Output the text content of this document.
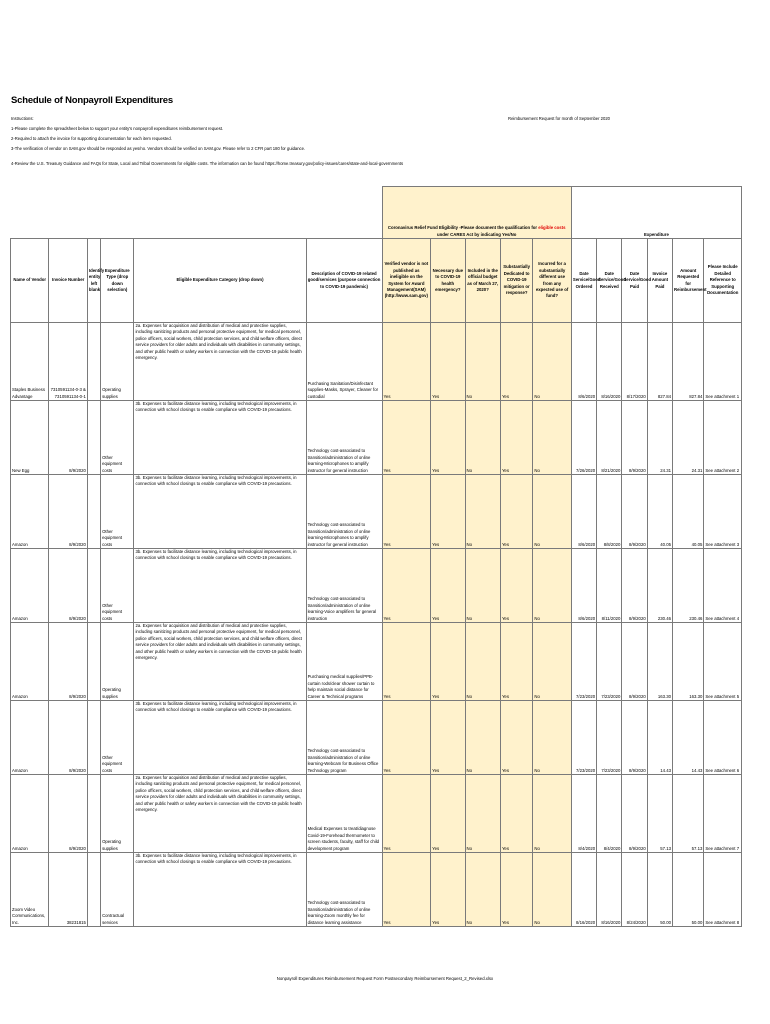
Schedule of Nonpayroll Expenditures
Instructions:	Reimbursement Request for month of September 2020
1-Please complete the spreadsheet below to support your entity's nonpayroll expenditures reimbursement request.
2-Required to attach the invoice for supporting documentation for each item requested.
3-The verification of vendor on SAM.gov should be responded as yes/no. Vendors should be verified on SAM.gov. Please refer to 2 CFR part 180 for guidance.
4-Review the U.S. Treasury Guidance and FAQs for State, Local and Tribal Governments for eligible costs. The information can be found https://home.treasury.gov/policy-issues/cares/state-and-local-governments
						Coronavirus Relief Fund Eligibility -Please document the qualification for eligible costs under CARES Act by indicating Yes/No					Expenditure					
Name of Vendor	Invoice Number	Identify entity left blank	Expenditure Type (drop down selection)	Eligible Expenditure Category (drop down)	Description of COVID-19 related good/services (purpose connection to COVID-19 pandemic)	Verified vendor is not published as ineligible on the System for Award Management(SAM) (http://www.sam.gov)	Necessary due to COVID-19 health emergency?	Included in the official budget as of March 27, 2020?	Substantially Dedicated to COVID-19 mitigation or response?	Incurred for a substantially different use from any expected use of fund?	Date Service/Good Ordered	Date Service/Good Received	Date Service/Good Paid	Invoice Amount Paid	Amount Requested for Reimbursement	Please Include Detailed Reference to Supporting Documentation
Staples Business Advantage	7310591134-0-3 & 7310591134-0-1		Operating supplies	2a. Expenses for acquisition and distribution of medical and protective supplies, including sanitizing products and personal protective equipment, for medical personnel, police officers, social workers, child protection services, and child welfare officers, direct service providers for older adults and individuals with disabilities in community settings, and other public health or safety workers in connection with the COVID-19 public health emergency.	Purchasing Sanitation/Disinfectant supplies-Masks, Sprayer, Cleaner for custodial	Yes	Yes	No	Yes	No	8/6/2020	8/16/2020	8/17/2020	827.84	827.84	See attachment 1
New Egg	8/9/2020		Other equipment costs	3b. Expenses to facilitate distance learning, including technological improvements, in connection with school closings to enable compliance with COVID-19 precautions.	Technology cost-associated to transition/administration of online learning-Microphones to amplify instructor for general instruction	Yes	Yes	No	Yes	No	7/26/2020	8/21/2020	8/9/2020	24.31	24.31	See attachment 2
Amazon	8/9/2020		Other equipment costs	3b. Expenses to facilitate distance learning, including technological improvements, in connection with school closings to enable compliance with COVID-19 precautions.	Technology cost-associated to transition/administration of online learning-Microphones to amplify instructor for general instruction	Yes	Yes	No	Yes	No	8/6/2020	8/8/2020	8/9/2020	40.05	40.05	See attachment 3
Amazon	8/9/2020		Other equipment costs	3b. Expenses to facilitate distance learning, including technological improvements, in connection with school closings to enable compliance with COVID-19 precautions.	Technology cost-associated to transition/administration of online learning-Voice amplifiers for general instruction	Yes	Yes	No	Yes	No	8/6/2020	8/11/2020	8/9/2020	230.46	230.46	See attachment 4
Amazon	8/9/2020		Operating supplies	2a. Expenses for acquisition and distribution of medical and protective supplies, including sanitizing products and personal protective equipment, for medical personnel, police officers, social workers, child protection services, and child welfare officers, direct service providers for older adults and individuals with disabilities in community settings, and other public health or safety workers in connection with the COVID-19 public health emergency.	Purchasing medical supplies/PPE-curtain rods/clear shower curtain to help maintain social distance for Career & Technical programs	Yes	Yes	No	Yes	No	7/23/2020	7/23/2020	8/9/2020	163.30	163.30	See attachment 5
Amazon	8/9/2020		Other equipment costs	3b. Expenses to facilitate distance learning, including technological improvements, in connection with school closings to enable compliance with COVID-19 precautions.	Technology cost-associated to transition/administration of online learning-Webcam for Business Office Technology program	Yes	Yes	No	Yes	No	7/23/2020	7/23/2020	8/9/2020	14.43	14.43	See attachment 6
Amazon	8/9/2020		Operating supplies	2a. Expenses for acquisition and distribution of medical and protective supplies, including sanitizing products and personal protective equipment, for medical personnel, police officers, social workers, child protection services, and child welfare officers, direct service providers for older adults and individuals with disabilities in community settings, and other public health or safety workers in connection with the COVID-19 public health emergency.	Medical Expenses to treat/diagnose Covid-19-Forehead thermometer to screen students, faculty, staff for child development program	Yes	Yes	No	Yes	No	8/4/2020	8/4/2020	8/9/2020	57.13	57.13	See attachment 7
Zoom Video Communications, Inc.	38231815		Contractual services	3b. Expenses to facilitate distance learning, including technological improvements, in connection with school closings to enable compliance with COVID-19 precautions.	Technology cost-associated to transition/administration of online learning-Zoom monthly fee for distance learning assistance	Yes	Yes	No	Yes	No	8/16/2020	8/16/2020	8/24/2020	50.00	50.00	See attachment 8
Nonpayroll Expenditures Reimbursement Request Form Postsecondary Reimbursement Request_2_Revised.xlsx
